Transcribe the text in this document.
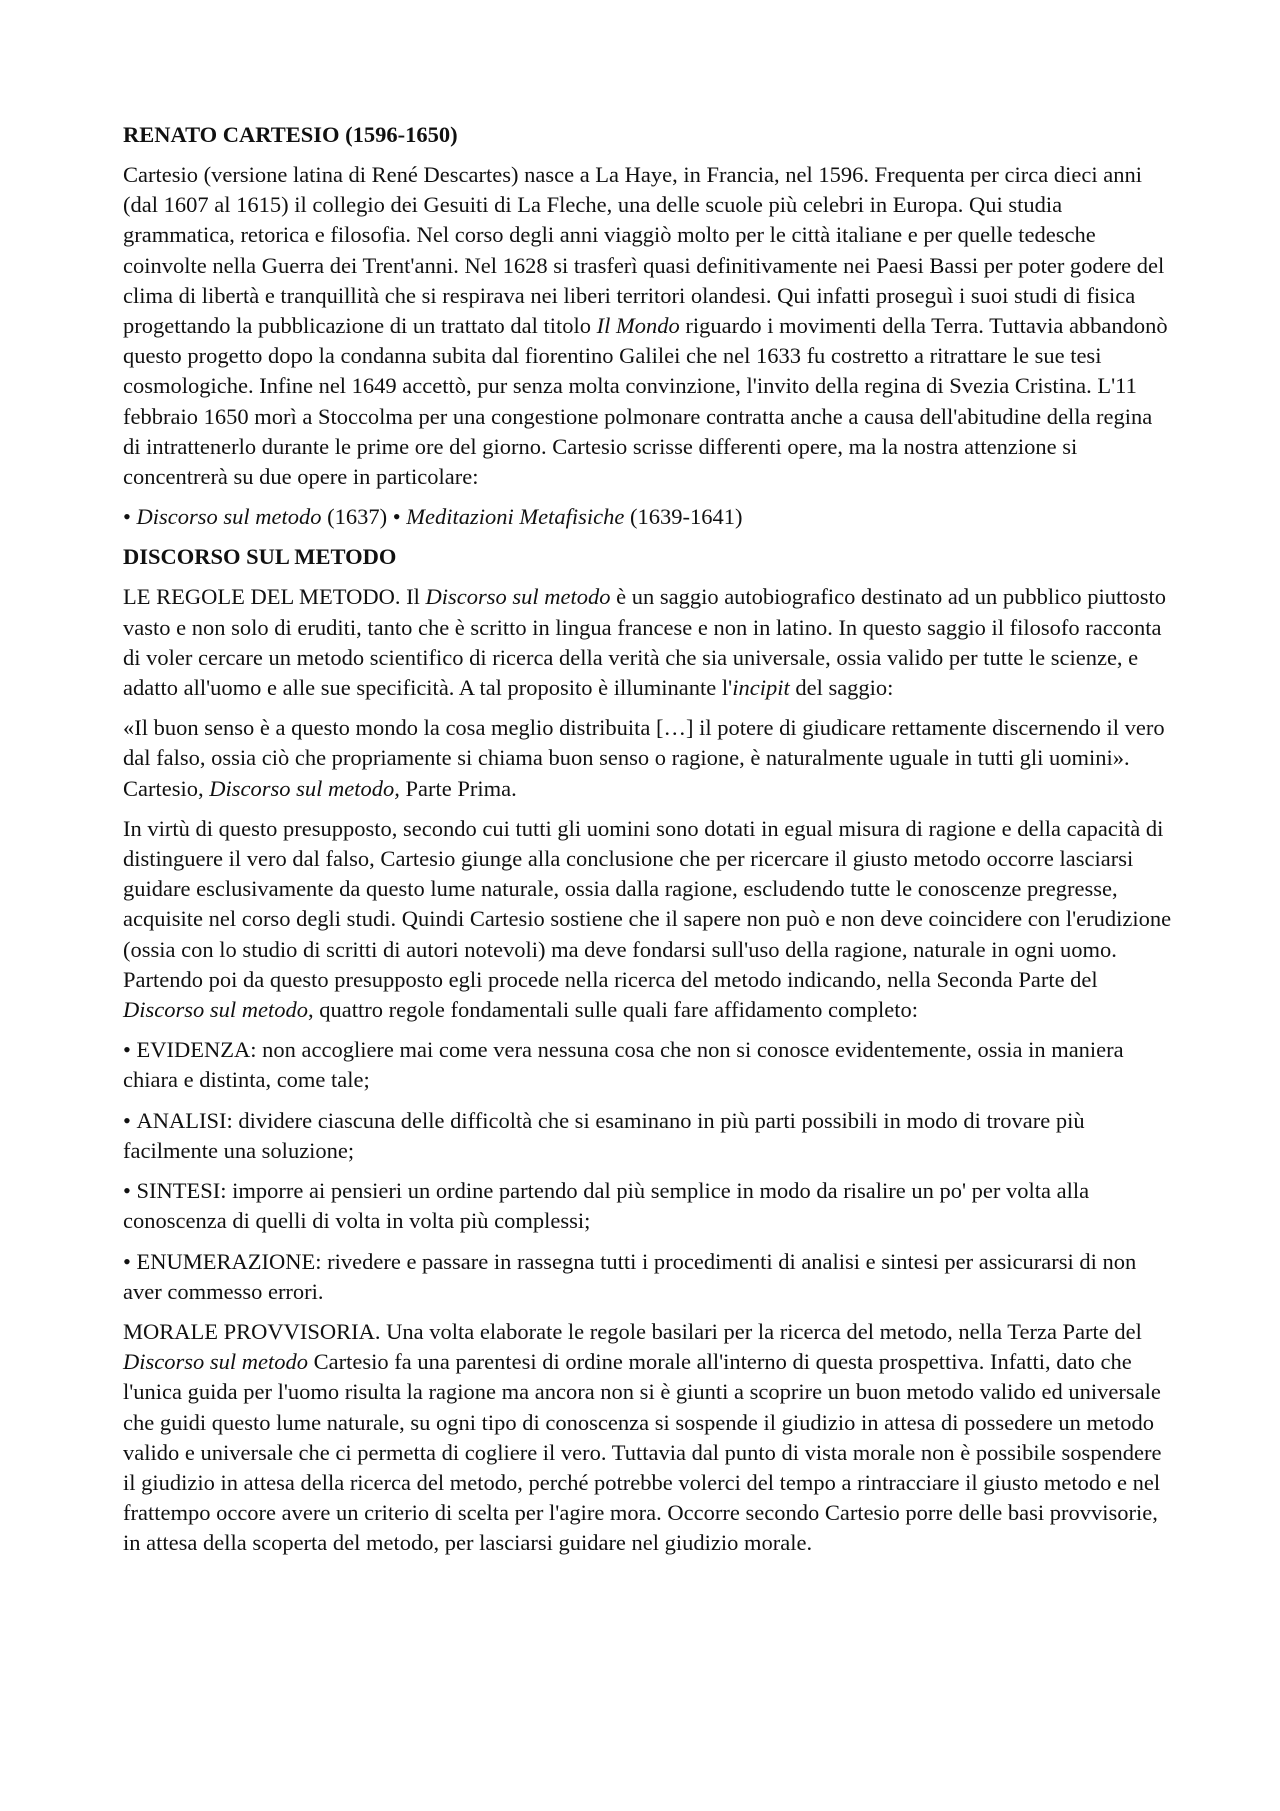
RENATO CARTESIO (1596-1650)

Cartesio (versione latina di René Descartes) nasce a La Haye, in Francia, nel 1596. Frequenta per circa dieci anni (dal 1607 al 1615) il collegio dei Gesuiti di La Fleche, una delle scuole più celebri in Europa. Qui studia grammatica, retorica e filosofia. Nel corso degli anni viaggiò molto per le città italiane e per quelle tedesche coinvolte nella Guerra dei Trent'anni. Nel 1628 si trasferì quasi definitivamente nei Paesi Bassi per poter godere del clima di libertà e tranquillità che si respirava nei liberi territori olandesi. Qui infatti proseguì i suoi studi di fisica progettando la pubblicazione di un trattato dal titolo Il Mondo riguardo i movimenti della Terra. Tuttavia abbandonò questo progetto dopo la condanna subita dal fiorentino Galilei che nel 1633 fu costretto a ritrattare le sue tesi cosmologiche. Infine nel 1649 accettò, pur senza molta convinzione, l'invito della regina di Svezia Cristina. L'11 febbraio 1650 morì a Stoccolma per una congestione polmonare contratta anche a causa dell'abitudine della regina di intrattenerlo durante le prime ore del giorno. Cartesio scrisse differenti opere, ma la nostra attenzione si concentrerà su due opere in particolare:

• Discorso sul metodo (1637) • Meditazioni Metafisiche (1639-1641)

DISCORSO SUL METODO

LE REGOLE DEL METODO. Il Discorso sul metodo è un saggio autobiografico destinato ad un pubblico piuttosto vasto e non solo di eruditi, tanto che è scritto in lingua francese e non in latino. In questo saggio il filosofo racconta di voler cercare un metodo scientifico di ricerca della verità che sia universale, ossia valido per tutte le scienze, e adatto all'uomo e alle sue specificità. A tal proposito è illuminante l'incipit del saggio:

«Il buon senso è a questo mondo la cosa meglio distribuita […] il potere di giudicare rettamente discernendo il vero dal falso, ossia ciò che propriamente si chiama buon senso o ragione, è naturalmente uguale in tutti gli uomini». Cartesio, Discorso sul metodo, Parte Prima.

In virtù di questo presupposto, secondo cui tutti gli uomini sono dotati in egual misura di ragione e della capacità di distinguere il vero dal falso, Cartesio giunge alla conclusione che per ricercare il giusto metodo occorre lasciarsi guidare esclusivamente da questo lume naturale, ossia dalla ragione, escludendo tutte le conoscenze pregresse, acquisite nel corso degli studi. Quindi Cartesio sostiene che il sapere non può e non deve coincidere con l'erudizione (ossia con lo studio di scritti di autori notevoli) ma deve fondarsi sull'uso della ragione, naturale in ogni uomo. Partendo poi da questo presupposto egli procede nella ricerca del metodo indicando, nella Seconda Parte del Discorso sul metodo, quattro regole fondamentali sulle quali fare affidamento completo:

• EVIDENZA: non accogliere mai come vera nessuna cosa che non si conosce evidentemente, ossia in maniera chiara e distinta, come tale;

• ANALISI: dividere ciascuna delle difficoltà che si esaminano in più parti possibili in modo di trovare più facilmente una soluzione;

• SINTESI: imporre ai pensieri un ordine partendo dal più semplice in modo da risalire un po' per volta alla conoscenza di quelli di volta in volta più complessi;

• ENUMERAZIONE: rivedere e passare in rassegna tutti i procedimenti di analisi e sintesi per assicurarsi di non aver commesso errori.

MORALE PROVVISORIA. Una volta elaborate le regole basilari per la ricerca del metodo, nella Terza Parte del Discorso sul metodo Cartesio fa una parentesi di ordine morale all'interno di questa prospettiva. Infatti, dato che l'unica guida per l'uomo risulta la ragione ma ancora non si è giunti a scoprire un buon metodo valido ed universale che guidi questo lume naturale, su ogni tipo di conoscenza si sospende il giudizio in attesa di possedere un metodo valido e universale che ci permetta di cogliere il vero. Tuttavia dal punto di vista morale non è possibile sospendere il giudizio in attesa della ricerca del metodo, perché potrebbe volerci del tempo a rintracciare il giusto metodo e nel frattempo occore avere un criterio di scelta per l'agire mora. Occorre secondo Cartesio porre delle basi provvisorie, in attesa della scoperta del metodo, per lasciarsi guidare nel giudizio morale.
